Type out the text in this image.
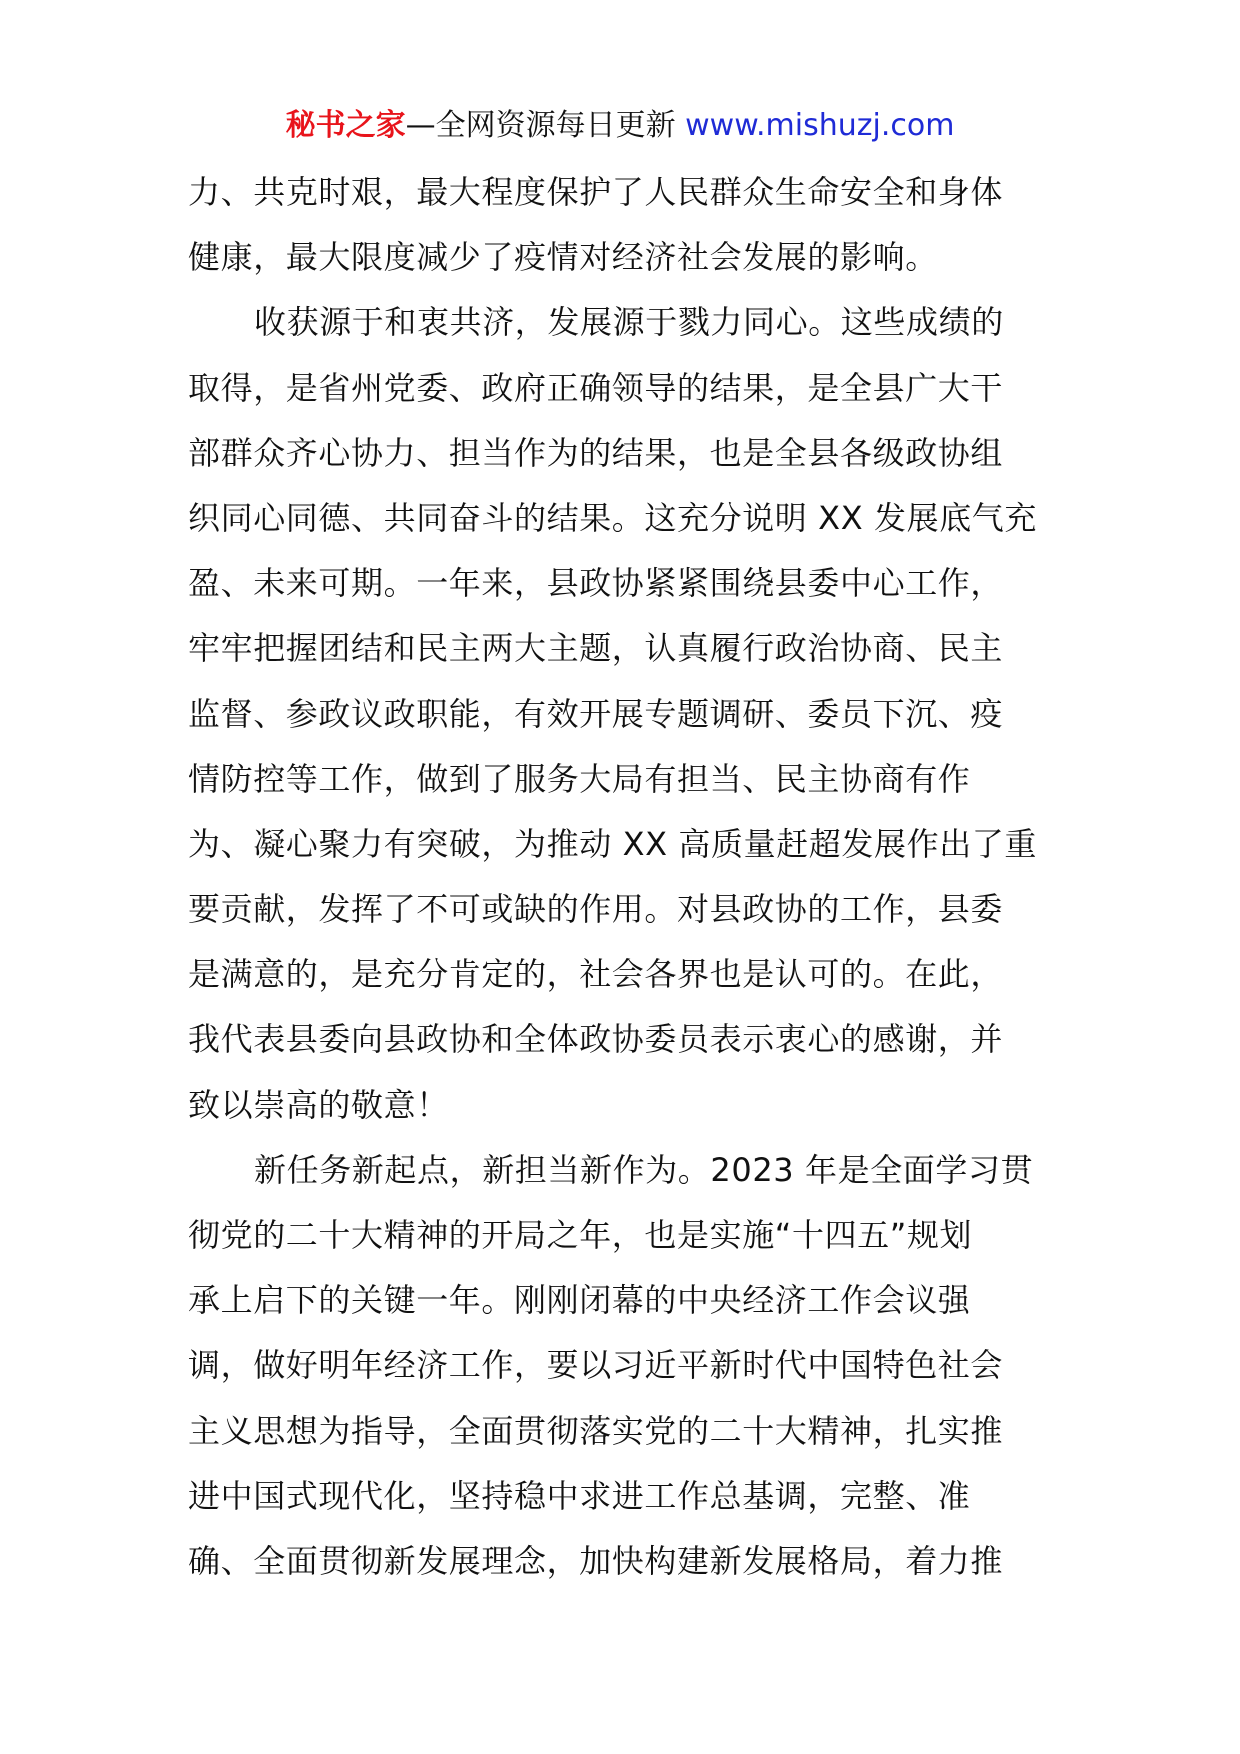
秘书之家—全网资源每日更新 www.mishuzj.com
力、共克时艰，最大程度保护了人民群众生命安全和身体
健康，最大限度减少了疫情对经济社会发展的影响。
收获源于和衷共济，发展源于戮力同心。这些成绩的
取得，是省州党委、政府正确领导的结果，是全县广大干
部群众齐心协力、担当作为的结果，也是全县各级政协组
织同心同德、共同奋斗的结果。这充分说明 XX 发展底气充
盈、未来可期。一年来，县政协紧紧围绕县委中心工作，
牢牢把握团结和民主两大主题，认真履行政治协商、民主
监督、参政议政职能，有效开展专题调研、委员下沉、疫
情防控等工作，做到了服务大局有担当、民主协商有作
为、凝心聚力有突破，为推动 XX 高质量赶超发展作出了重
要贡献，发挥了不可或缺的作用。对县政协的工作，县委
是满意的，是充分肯定的，社会各界也是认可的。在此，
我代表县委向县政协和全体政协委员表示衷心的感谢，并
致以崇高的敬意！
新任务新起点，新担当新作为。2023 年是全面学习贯
彻党的二十大精神的开局之年，也是实施“十四五”规划
承上启下的关键一年。刚刚闭幕的中央经济工作会议强
调，做好明年经济工作，要以习近平新时代中国特色社会
主义思想为指导，全面贯彻落实党的二十大精神，扎实推
进中国式现代化，坚持稳中求进工作总基调，完整、准
确、全面贯彻新发展理念，加快构建新发展格局，着力推
